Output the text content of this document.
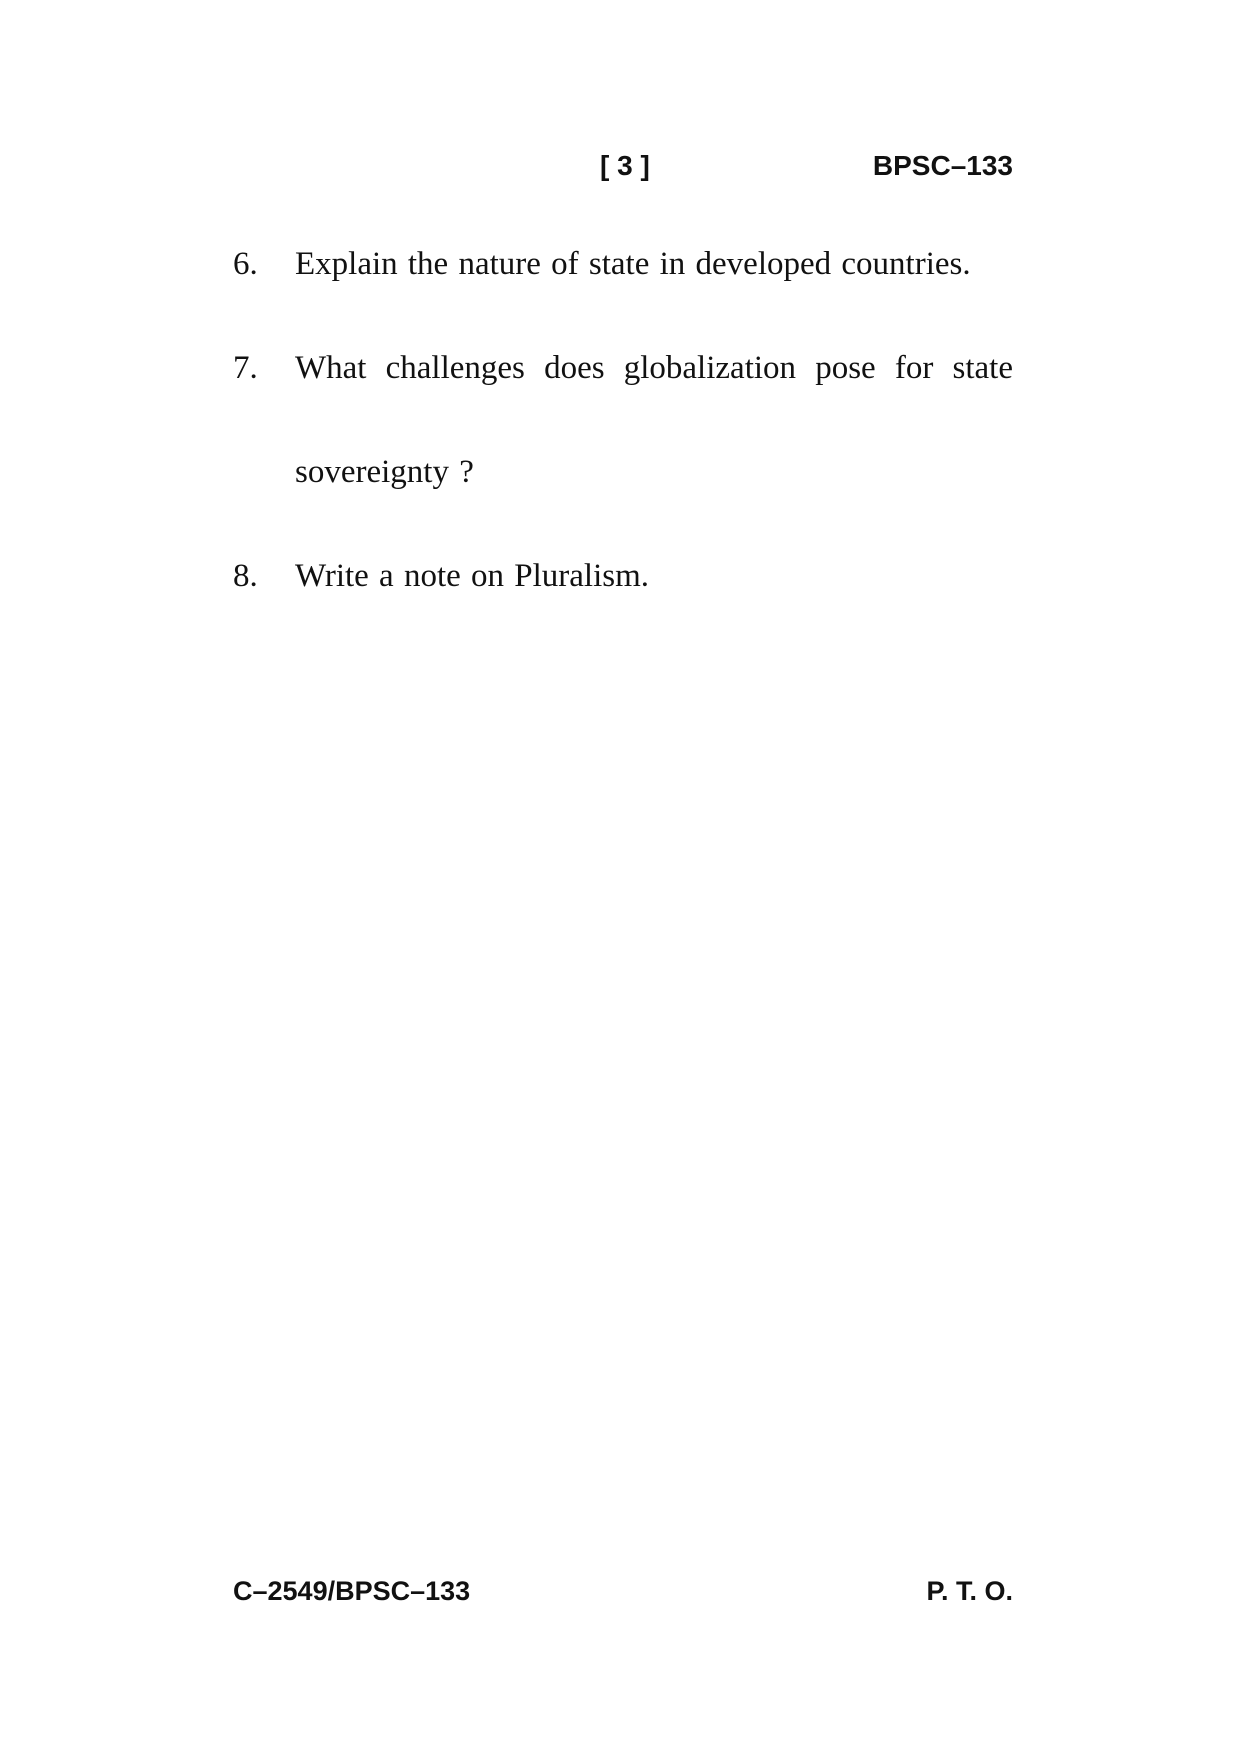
[ 3 ]	BPSC–133
6.	Explain the nature of state in developed countries.
7.	What challenges does globalization pose for state sovereignty ?
8.	Write a note on Pluralism.
C–2549/BPSC–133	P. T. O.
